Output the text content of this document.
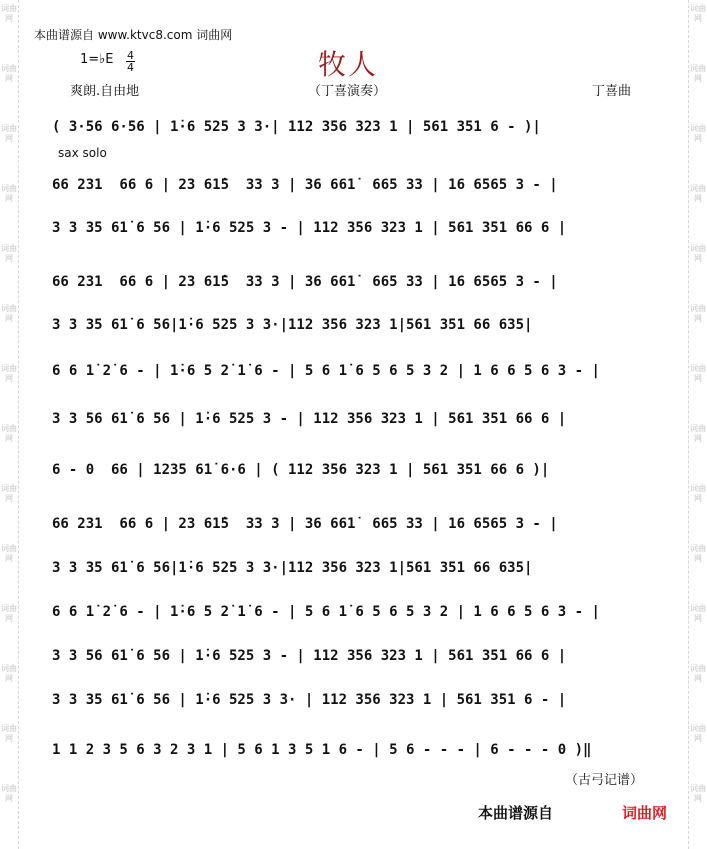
词曲网
词曲网
词曲网
词曲网
词曲网
词曲网
词曲网
词曲网
词曲网
词曲网
词曲网
词曲网
词曲网
词曲网
词曲网
词曲网
词曲网
词曲网
词曲网
词曲网
词曲网
词曲网
词曲网
词曲网
词曲网
词曲网
词曲网
词曲网
本曲谱源自 www.ktvc8.com 词曲网
1=♭E 4
4
爽朗.自由地
牧人
（丁喜演奏）	丁喜曲
sax solo
( 3·56 6·56 | 1̇·6 525 3 3·| 112 356 323 1 | 561 351 6 - )|
66 231  66 6 | 23 61̇5  33 3 | 36 661̇  665 33 | 16 6565 3 - |
3 3 35 61̇ 6 56 | 1̇·6 525 3 - | 112 356 323 1 | 561 351 66 6 |
66 231  66 6 | 23 61̇5  33 3 | 36 661̇  665 33 | 16 6565 3 - |
3 3 35 61̇ 6 56|1̇·6 525 3 3·|112 356 323 1|561 351 66 635|
6 6 1̇ 2̇ 6 - | 1̇·6 5 2̇ 1̇ 6 - | 5 6 1̇ 6 5 6 5 3 2 | 1 6 6 5 6 3 - |
3 3 56 61̇ 6 56 | 1̇·6 525 3 - | 112 356 323 1 | 561 351 66 6 |
6 - 0  66 | 1235 61̇ 6·6 | ( 112 356 323 1 | 561 351 66 6 )|
66 231  66 6 | 23 61̇5  33 3 | 36 661̇  665 33 | 16 6565 3 - |
3 3 35 61̇ 6 56|1̇·6 525 3 3·|112 356 323 1|561 351 66 635|
6 6 1̇ 2̇ 6 - | 1̇·6 5 2̇ 1̇ 6 - | 5 6 1̇ 6 5 6 5 3 2 | 1 6 6 5 6 3 - |
3 3 56 61̇ 6 56 | 1̇·6 525 3 - | 112 356 323 1 | 561 351 66 6 |
3 3 35 61̇ 6 56 | 1̇·6 525 3 3· | 112 356 323 1 | 561 351 6 - |
1 1 2 3 5 6 3 2 3 1 | 5 6 1 3 5 1 6 - | 5 6 - - - | 6 - - - 0 )‖
（古弓记谱）
本曲谱源自	词曲网
